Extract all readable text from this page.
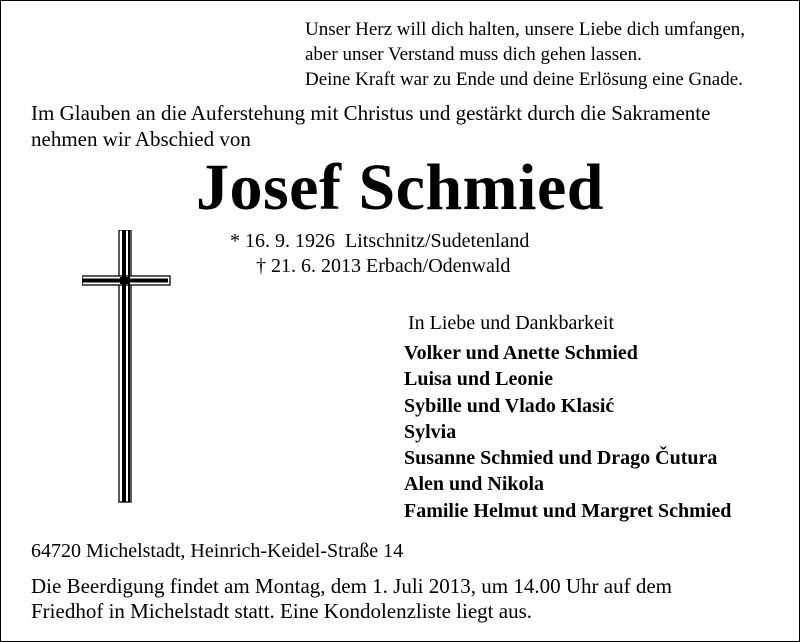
Unser Herz will dich halten, unsere Liebe dich umfangen,
aber unser Verstand muss dich gehen lassen.
Deine Kraft war zu Ende und deine Erlösung eine Gnade.
Im Glauben an die Auferstehung mit Christus und gestärkt durch die Sakramente
nehmen wir Abschied von
Josef Schmied
* 16. 9. 1926  Litschnitz/Sudetenland
† 21. 6. 2013 Erbach/Odenwald
In Liebe und Dankbarkeit
Volker und Anette Schmied
Luisa und Leonie
Sybille und Vlado Klasić
Sylvia
Susanne Schmied und Drago Čutura
Alen und Nikola
Familie Helmut und Margret Schmied
64720 Michelstadt, Heinrich-Keidel-Straße 14
Die Beerdigung findet am Montag, dem 1. Juli 2013, um 14.00 Uhr auf dem
Friedhof in Michelstadt statt. Eine Kondolenzliste liegt aus.
